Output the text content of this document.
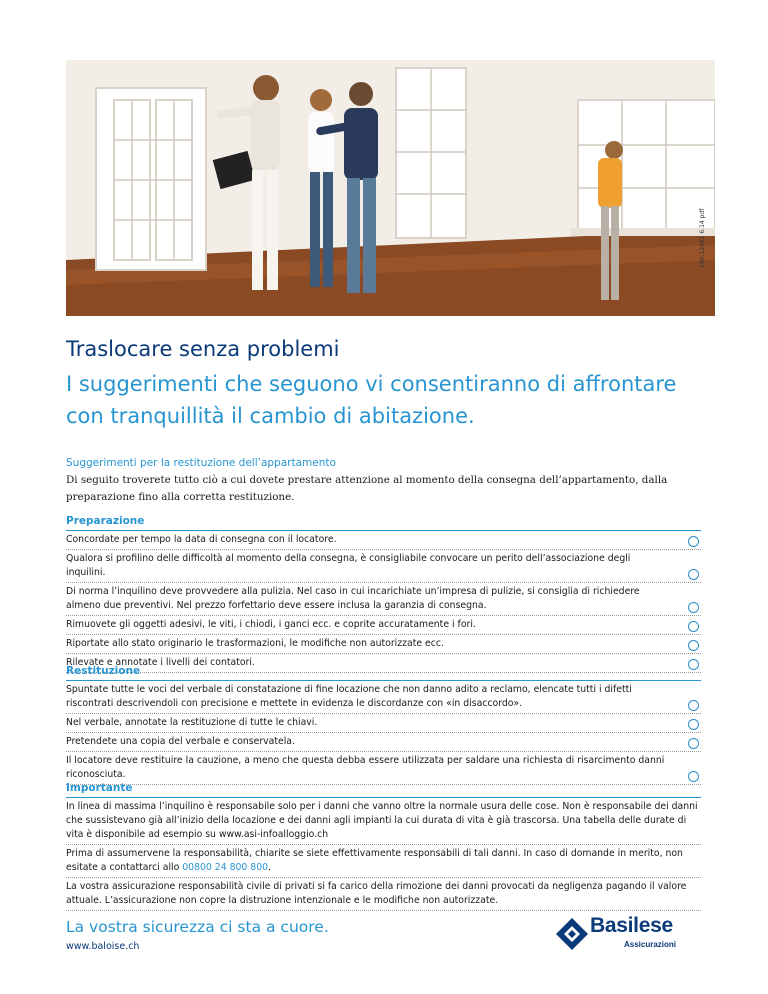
140.12401 6.14 pdf
Traslocare senza problemi

I suggerimenti che seguono vi consentiranno di affrontare con tranquillità il cambio di abitazione.

Suggerimenti per la restituzione dell’appartamento
Di seguito troverete tutto ciò a cui dovete prestare attenzione al momento della consegna dell’appartamento, dalla preparazione fino alla corretta restituzione.
Preparazione
Concordate per tempo la data di consegna con il locatore.
Qualora si profilino delle difficoltà al momento della consegna, è consigliabile convocare un perito dell’associazione degli inquilini.
Di norma l’inquilino deve provvedere alla pulizia. Nel caso in cui incarichiate un’impresa di pulizie, si consiglia di richiedere almeno due preventivi. Nel prezzo forfettario deve essere inclusa la garanzia di consegna.
Rimuovete gli oggetti adesivi, le viti, i chiodi, i ganci ecc. e coprite accuratamente i fori.
Riportate allo stato originario le trasformazioni, le modifiche non autorizzate ecc.
Rilevate e annotate i livelli dei contatori.
Restituzione
Spuntate tutte le voci del verbale di constatazione di fine locazione che non danno adito a reclamo, elencate tutti i difetti riscontrati descrivendoli con precisione e mettete in evidenza le discordanze con «in disaccordo».
Nel verbale, annotate la restituzione di tutte le chiavi.
Pretendete una copia del verbale e conservatela.
Il locatore deve restituire la cauzione, a meno che questa debba essere utilizzata per saldare una richiesta di risarcimento danni riconosciuta.
Importante
In linea di massima l’inquilino è responsabile solo per i danni che vanno oltre la normale usura delle cose. Non è responsabile dei danni che sussistevano già all’inizio della locazione e dei danni agli impianti la cui durata di vita è già trascorsa. Una tabella delle durate di vita è disponibile ad esempio su www.asi-infoalloggio.ch
Prima di assumervene la responsabilità, chiarite se siete effettivamente responsabili di tali danni. In caso di domande in merito, non esitate a contattarci allo 00800 24 800 800.
La vostra assicurazione responsabilità civile di privati si fa carico della rimozione dei danni provocati da negligenza pagando il valore attuale. L’assicurazione non copre la distruzione intenzionale e le modifiche non autorizzate.
La vostra sicurezza ci sta a cuore.
www.baloise.ch
Basilese
Assicurazioni
